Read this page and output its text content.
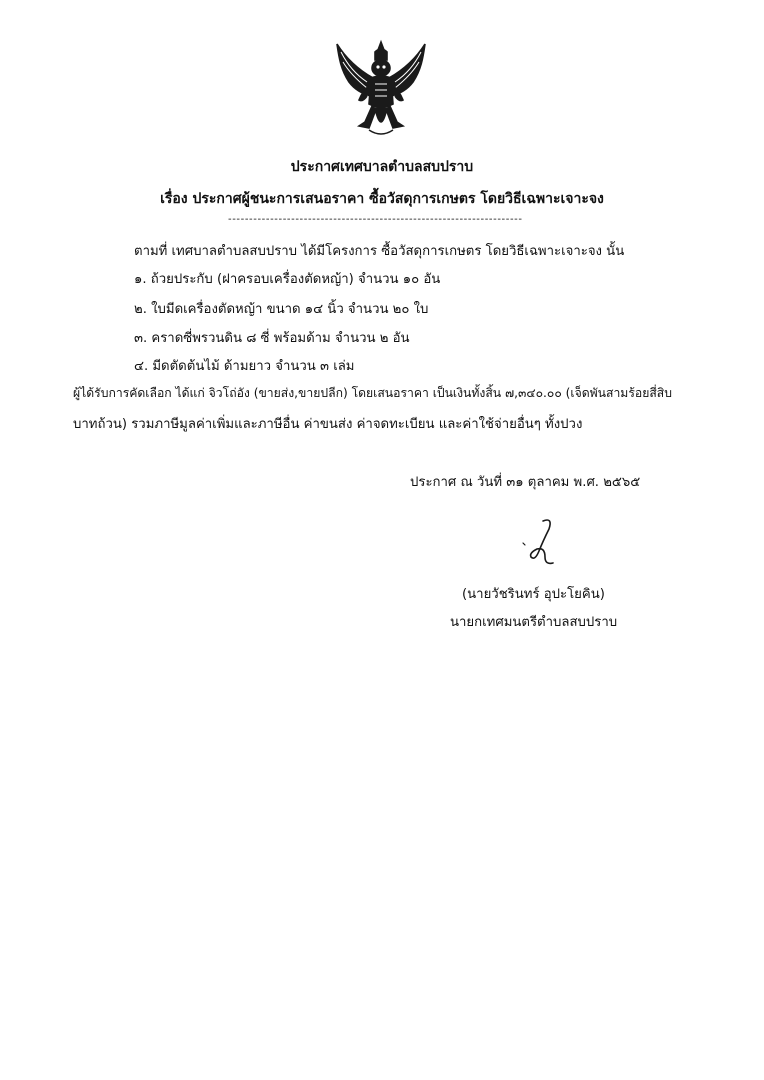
ประกาศเทศบาลตำบลสบปราบ
เรื่อง ประกาศผู้ชนะการเสนอราคา ซื้อวัสดุการเกษตร โดยวิธีเฉพาะเจาะจง
----------------------------------------------------------------------
ตามที่ เทศบาลตำบลสบปราบ ได้มีโครงการ ซื้อวัสดุการเกษตร โดยวิธีเฉพาะเจาะจง นั้น
๑. ถ้วยประกับ (ฝาครอบเครื่องตัดหญ้า) จำนวน ๑๐ อัน
๒. ใบมีดเครื่องตัดหญ้า ขนาด ๑๔ นิ้ว จำนวน ๒๐ ใบ
๓. คราดซี่พรวนดิน ๘ ซี่ พร้อมด้าม จำนวน ๒ อัน
๔. มีดตัดต้นไม้ ด้ามยาว จำนวน ๓ เล่ม
ผู้ได้รับการคัดเลือก ได้แก่ จิวโถ่อัง (ขายส่ง,ขายปลีก) โดยเสนอราคา เป็นเงินทั้งสิ้น ๗,๓๔๐.๐๐ (เจ็ดพันสามร้อยสี่สิบ
บาทถ้วน) รวมภาษีมูลค่าเพิ่มและภาษีอื่น ค่าขนส่ง ค่าจดทะเบียน และค่าใช้จ่ายอื่นๆ ทั้งปวง
ประกาศ ณ วันที่ ๓๑ ตุลาคม พ.ศ. ๒๕๖๕
(นายวัชรินทร์ อุปะโยคิน)
นายกเทศมนตรีตำบลสบปราบ
